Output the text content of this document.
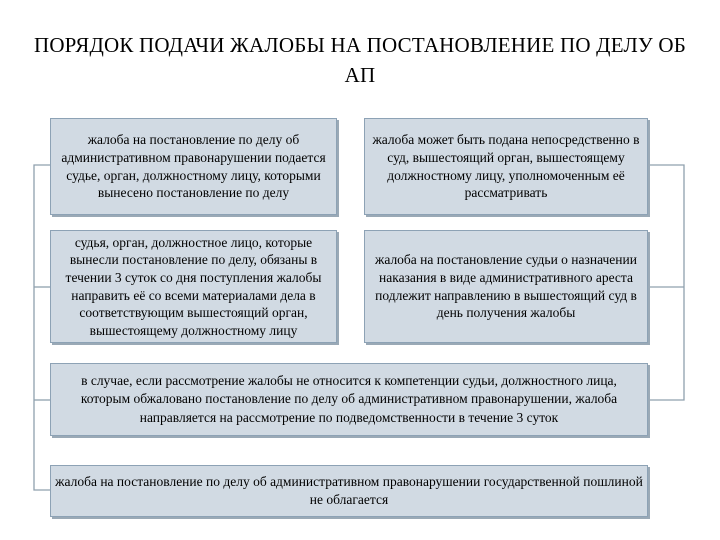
ПОРЯДОК ПОДАЧИ ЖАЛОБЫ НА ПОСТАНОВЛЕНИЕ ПО ДЕЛУ ОБ АП
жалоба на постановление по делу об административном правонарушении подается судье, орган, должностному лицу, которыми вынесено постановление по делу
жалоба может быть подана непосредственно в суд, вышестоящий орган, вышестоящему должностному лицу, уполномоченным её рассматривать
судья, орган, должностное лицо, которые вынесли постановление по делу, обязаны в течении 3 суток со дня поступления жалобы направить её со всеми материалами дела в соответствующим вышестоящий орган, вышестоящему должностному лицу
жалоба на постановление судьи о назначении наказания в виде административного ареста подлежит направлению в вышестоящий суд в день получения жалобы
в случае, если рассмотрение жалобы не относится к компетенции судьи, должностного лица, которым обжаловано постановление по делу об административном правонарушении, жалоба направляется на рассмотрение по подведомственности в течение 3 суток
жалоба на постановление по делу об административном правонарушении государственной пошлиной не облагается
